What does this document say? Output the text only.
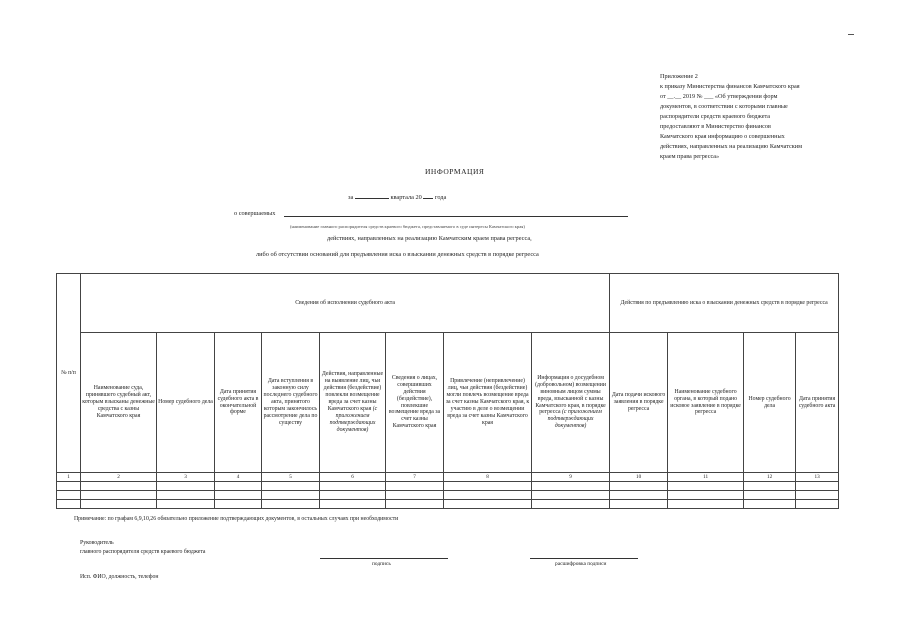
Приложение 2
к приказу Министерства финансов Камчатского края
от __.__ 2019 № ___ «Об утверждении форм
документов, в соответствии с которыми главные
распорядители средств краевого бюджета
предоставляют в Министерство финансов
Камчатского края информацию о совершенных
действиях, направленных на реализацию Камчатским
краем права регресса»
ИНФОРМАЦИЯ
за	квартала 20 года
о совершаемых
(наименование главного распорядителя средств краевого бюджета, представляемого в суде интересы Камчатского края)
действиях, направленных на реализацию Камчатским краем права регресса,
либо об отсутствии оснований для предъявления иска о взыскании денежных средств в порядке регресса
№ п/п	Сведения об исполнении судебного акта								Действия по предъявлению иска о взыскании денежных средств в порядке регресса			
	Наименование суда, принявшего судебный акт, которым взысканы денежные средства с казны Камчатского края	Номер судебного дела	Дата принятия судебного акта в окончательной форме	Дата вступления в законную силу последнего судебного акта, принятого которым закончилось рассмотрение дела по существу	Действия, направленные на выявление лиц, чьи действия (бездействие) повлекли возмещение вреда за счет казны Камчатского края (с приложением подтверждающих документов)	Сведения о лицах, совершивших действия (бездействие), повлекшие возмещение вреда за счет казны Камчатского края	Привлечение (непривлечение) лиц, чьи действия (бездействие) могли повлечь возмещение вреда за счет казны Камчатского края, к участию в деле о возмещении вреда за счет казны Камчатского края	Информация о досудебном (добровольном) возмещении виновным лицом суммы вреда, взысканной с казны Камчатского края, в порядке регресса (с приложением подтверждающих документов)	Дата подачи искового заявления в порядке регресса	Наименование судебного органа, в который подано исковое заявление в порядке регресса	Номер судебного дела	Дата принятия судебного акта
1	2	3	4	5	6	7	8	9	10	11	12	13

Примечание: по графам 6,9,10,26 обязательно приложение подтверждающих документов, в остальных случаях при необходимости
Руководитель
главного распорядителя средств краевого бюджета
подпись	расшифровка подписи
Исп. ФИО, должность, телефон
